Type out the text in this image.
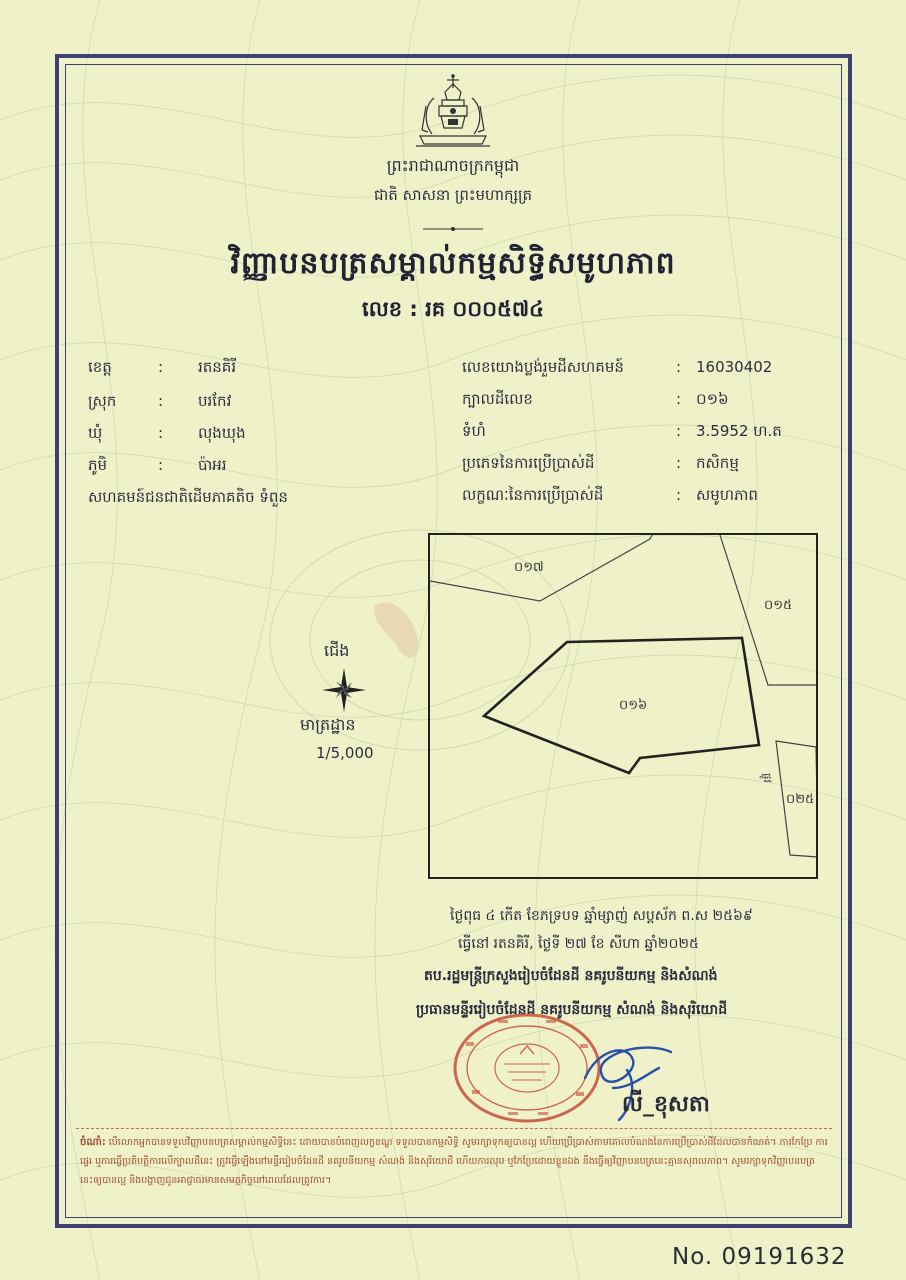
ព្រះរាជាណាចក្រកម្ពុជា
ជាតិ សាសនា ព្រះមហាក្សត្រ
វិញ្ញាបនបត្រសម្គាល់កម្មសិទ្ធិសមូហភាព
លេខ : រគ ០០០៥៧៤
ខេត្ត	: រតនគិរី
ស្រុក	: បរកែវ
ឃុំ	: លុងឃុង
ភូមិ	: ប៉ាអរ
សហគមន៍ជនជាតិដើមភាគតិច ទំពួន
លេខយោងប្លង់រួមដីសហគមន៍	: 16030402
ក្បាលដីលេខ	: ០១៦
ទំហំ	: 3.5952 ហ.ត
ប្រភេទនៃការប្រើប្រាស់ដី	: កសិកម្ម
លក្ខណៈនៃការប្រើប្រាស់ដី	: សមូហភាព
ជើង
មាត្រដ្ឋាន
1/5,000
០១៧
០១៥
០១៦
០២៥
ផ្លូវ
ថ្ងៃពុធ ៤ កើត ខែភទ្របទ ឆ្នាំម្សាញ់ សប្តស័ក ព.ស ២៥៦៩
ធ្វើនៅ រតនគិរី, ថ្ងៃទី ២៧ ខែ សីហា ឆ្នាំ២០២៥
តប.រដ្ឋមន្ត្រីក្រសួងរៀបចំដែនដី នគរូបនីយកម្ម និងសំណង់
ប្រធានមន្ទីររៀបចំដែនដី នគរូបនីយកម្ម សំណង់ និងសុរិយោដី
លី_ខុសតា
ចំណាំ: បើលោកអ្នកបានទទួលវិញ្ញាបនបត្រសម្គាល់កម្មសិទ្ធិនេះ ដោយបានបំពេញលក្ខខណ្ឌ ទទួលបានកម្មសិទ្ធិ សូមរក្សាទុកឲ្យបានល្អ ហើយប្រើប្រាស់តាមគោលបំណងនៃការប្រើប្រាស់ដីដែលបានកំណត់។ ការកែប្រែ ការផ្ទេរ ឬការធ្វើប្រតិបត្តិការលើក្បាលដីនេះ ត្រូវធ្វើឡើងនៅមន្ទីររៀបចំដែនដី នគរូបនីយកម្ម សំណង់ និងសុរិយោដី ហើយការលុប ឬកែប្រែដោយខ្លួនឯង នឹងធ្វើឲ្យវិញ្ញាបនបត្រនេះគ្មានសុពលភាព។ សូមរក្សាទុកវិញ្ញាបនបត្រនេះឲ្យបានល្អ និងបង្ហាញជូនអាជ្ញាធរមានសមត្ថកិច្ចនៅពេលដែលត្រូវការ។
No. 09191632
